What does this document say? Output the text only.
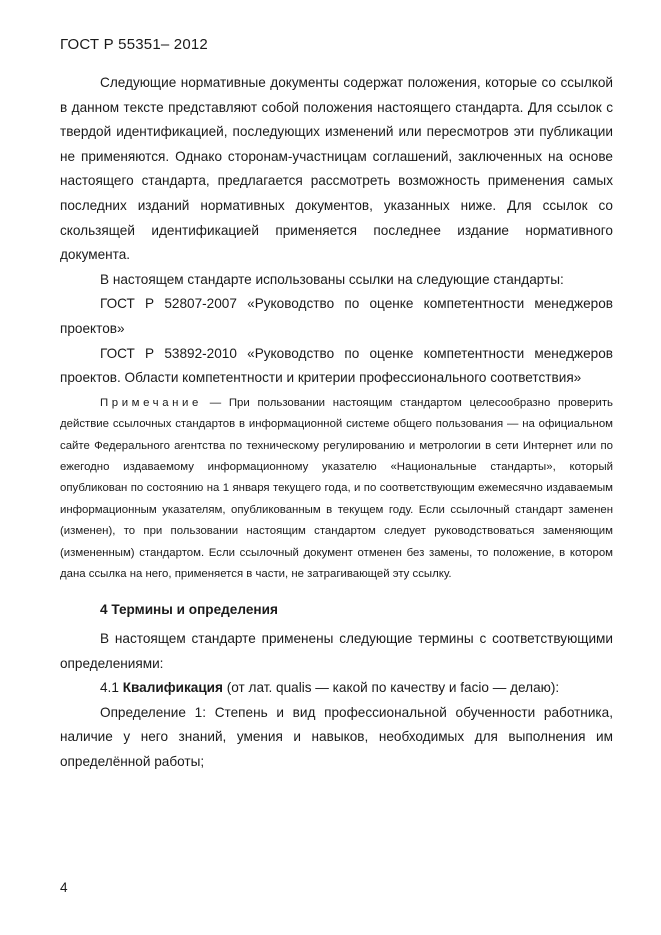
ГОСТ Р 55351– 2012

Следующие нормативные документы содержат положения, которые со ссылкой в данном тексте представляют собой положения настоящего стандарта. Для ссылок с твердой идентификацией, последующих изменений или пересмотров эти публикации не применяются. Однако сторонам-участницам соглашений, заключенных на основе настоящего стандарта, предлагается рассмотреть возможность применения самых последних изданий нормативных документов, указанных ниже. Для ссылок со скользящей идентификацией применяется последнее издание нормативного документа.

В настоящем стандарте использованы ссылки на следующие стандарты:

ГОСТ Р 52807-2007 «Руководство по оценке компетентности менеджеров проектов»

ГОСТ Р 53892-2010 «Руководство по оценке компетентности менеджеров проектов. Области компетентности и критерии профессионального соответствия»

Примечание — При пользовании настоящим стандартом целесообразно проверить действие ссылочных стандартов в информационной системе общего пользования — на официальном сайте Федерального агентства по техническому регулированию и метрологии в сети Интернет или по ежегодно издаваемому информационному указателю «Национальные стандарты», который опубликован по состоянию на 1 января текущего года, и по соответствующим ежемесячно издаваемым информационным указателям, опубликованным в текущем году. Если ссылочный стандарт заменен (изменен), то при пользовании настоящим стандартом следует руководствоваться заменяющим (измененным) стандартом. Если ссылочный документ отменен без замены, то положение, в котором дана ссылка на него, применяется в части, не затрагивающей эту ссылку.
4 Термины и определения

В настоящем стандарте применены следующие термины с соответствующими определениями:

4.1 Квалификация (от лат. qualis — какой по качеству и facio — делаю):

Определение 1: Степень и вид профессиональной обученности работника, наличие у него знаний, умения и навыков, необходимых для выполнения им определённой работы;

4
